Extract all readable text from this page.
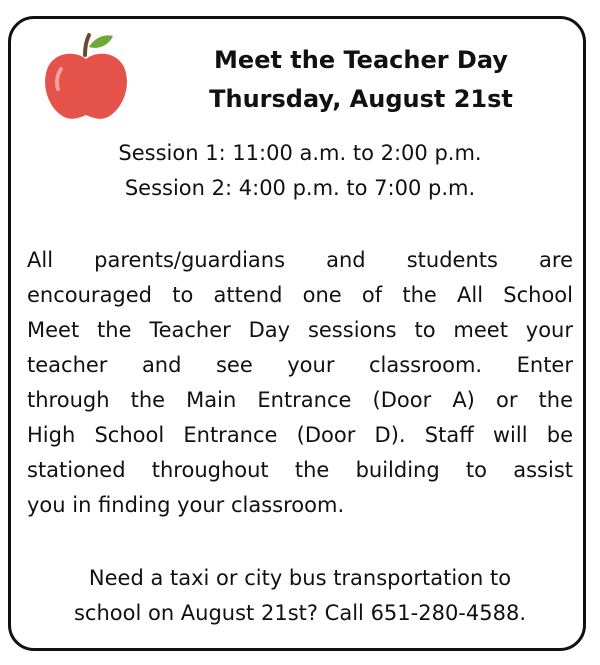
Meet the Teacher Day
Thursday, August 21st
Session 1: 11:00 a.m. to 2:00 p.m.
Session 2: 4:00 p.m. to 7:00 p.m.
All parents/guardians and students are
encouraged to attend one of the All School
Meet the Teacher Day sessions to meet your
teacher and see your classroom. Enter
through the Main Entrance (Door A) or the
High School Entrance (Door D). Staff will be
stationed throughout the building to assist
you in finding your classroom.
Need a taxi or city bus transportation to
school on August 21st? Call 651-280-4588.
